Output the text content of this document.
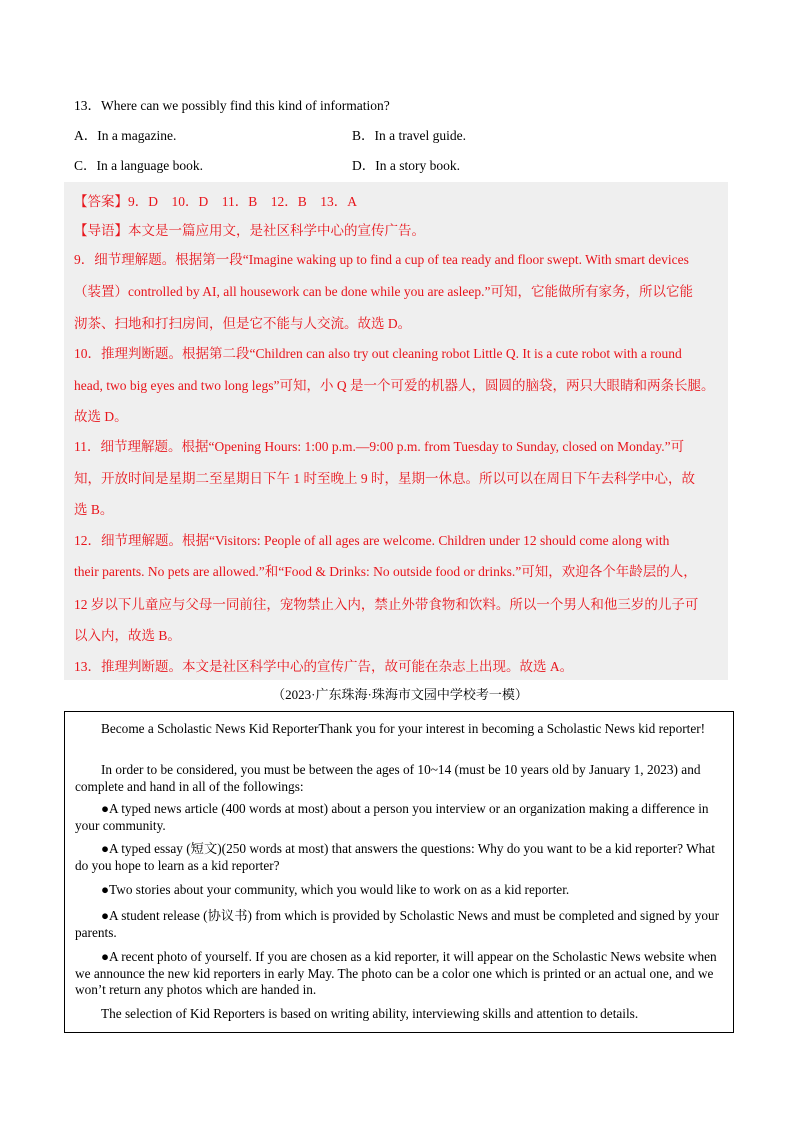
13．Where can we possibly find this kind of information?
A．In a magazine.	B．In a travel guide.
C．In a language book.	D．In a story book.
【答案】9．D　10．D　11．B　12．B　13．A
【导语】本文是一篇应用文，是社区科学中心的宣传广告。
9．细节理解题。根据第一段“Imagine waking up to find a cup of tea ready and floor swept. With smart devices
（装置）controlled by AI, all housework can be done while you are asleep.”可知，它能做所有家务，所以它能
沏茶、扫地和打扫房间，但是它不能与人交流。故选 D。
10．推理判断题。根据第二段“Children can also try out cleaning robot Little Q. It is a cute robot with a round
head, two big eyes and two long legs”可知，小 Q 是一个可爱的机器人，圆圆的脑袋，两只大眼睛和两条长腿。
故选 D。
11．细节理解题。根据“Opening Hours: 1:00 p.m.—9:00 p.m. from Tuesday to Sunday, closed on Monday.”可
知，开放时间是星期二至星期日下午 1 时至晚上 9 时，星期一休息。所以可以在周日下午去科学中心，故
选 B。
12．细节理解题。根据“Visitors: People of all ages are welcome. Children under 12 should come along with
their parents. No pets are allowed.”和“Food & Drinks: No outside food or drinks.”可知，欢迎各个年龄层的人，
12 岁以下儿童应与父母一同前往，宠物禁止入内，禁止外带食物和饮料。所以一个男人和他三岁的儿子可
以入内，故选 B。
13．推理判断题。本文是社区科学中心的宣传广告，故可能在杂志上出现。故选 A。
（2023·广东珠海·珠海市文园中学校考一模）

Become a Scholastic News Kid ReporterThank you for your interest in becoming a Scholastic News kid reporter!

In order to be considered, you must be between the ages of 10~14 (must be 10 years old by January 1, 2023) and complete and hand in all of the followings:

●A typed news article (400 words at most) about a person you interview or an organization making a difference in your community.

●A typed essay (短文)(250 words at most) that answers the questions: Why do you want to be a kid reporter? What do you hope to learn as a kid reporter?

●Two stories about your community, which you would like to work on as a kid reporter.

●A student release (协议书) from which is provided by Scholastic News and must be completed and signed by your parents.

●A recent photo of yourself. If you are chosen as a kid reporter, it will appear on the Scholastic News website when we announce the new kid reporters in early May. The photo can be a color one which is printed or an actual one, and we won’t return any photos which are handed in.

The selection of Kid Reporters is based on writing ability, interviewing skills and attention to details.
